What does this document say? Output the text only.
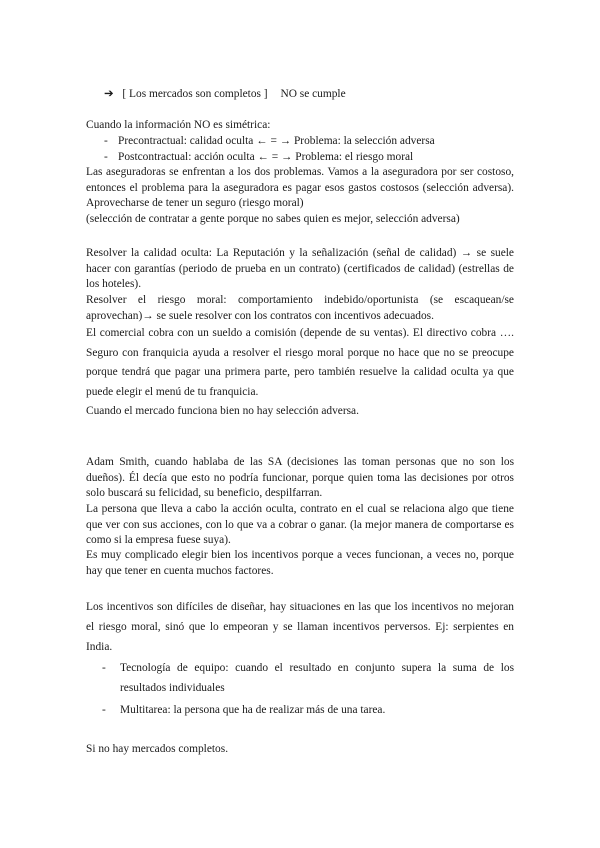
➔ [ Los mercados son completos ] NO se cumple
Cuando la información NO es simétrica:
- Precontractual: calidad oculta ← = → Problema: la selección adversa
- Postcontractual: acción oculta ← = → Problema: el riesgo moral
Las aseguradoras se enfrentan a los dos problemas. Vamos a la aseguradora por ser costoso, entonces el problema para la aseguradora es pagar esos gastos costosos (selección adversa). Aprovecharse de tener un seguro (riesgo moral)
(selección de contratar a gente porque no sabes quien es mejor, selección adversa)
Resolver la calidad oculta: La Reputación y la señalización (señal de calidad) → se suele hacer con garantías (periodo de prueba en un contrato) (certificados de calidad) (estrellas de los hoteles).
Resolver el riesgo moral: comportamiento indebido/oportunista (se escaquean/se aprovechan)→ se suele resolver con los contratos con incentivos adecuados.
El comercial cobra con un sueldo a comisión (depende de su ventas). El directivo cobra …. Seguro con franquicia ayuda a resolver el riesgo moral porque no hace que no se preocupe porque tendrá que pagar una primera parte, pero también resuelve la calidad oculta ya que puede elegir el menú de tu franquicia.
Cuando el mercado funciona bien no hay selección adversa.
Adam Smith, cuando hablaba de las SA (decisiones las toman personas que no son los dueños). Él decía que esto no podría funcionar, porque quien toma las decisiones por otros solo buscará su felicidad, su beneficio, despilfarran.
La persona que lleva a cabo la acción oculta, contrato en el cual se relaciona algo que tiene que ver con sus acciones, con lo que va a cobrar o ganar. (la mejor manera de comportarse es como si la empresa fuese suya).
Es muy complicado elegir bien los incentivos porque a veces funcionan, a veces no, porque hay que tener en cuenta muchos factores.
Los incentivos son difíciles de diseñar, hay situaciones en las que los incentivos no mejoran el riesgo moral, sinó que lo empeoran y se llaman incentivos perversos. Ej: serpientes en India.
- Tecnología de equipo: cuando el resultado en conjunto supera la suma de los resultados individuales
- Multitarea: la persona que ha de realizar más de una tarea.
Si no hay mercados completos.
